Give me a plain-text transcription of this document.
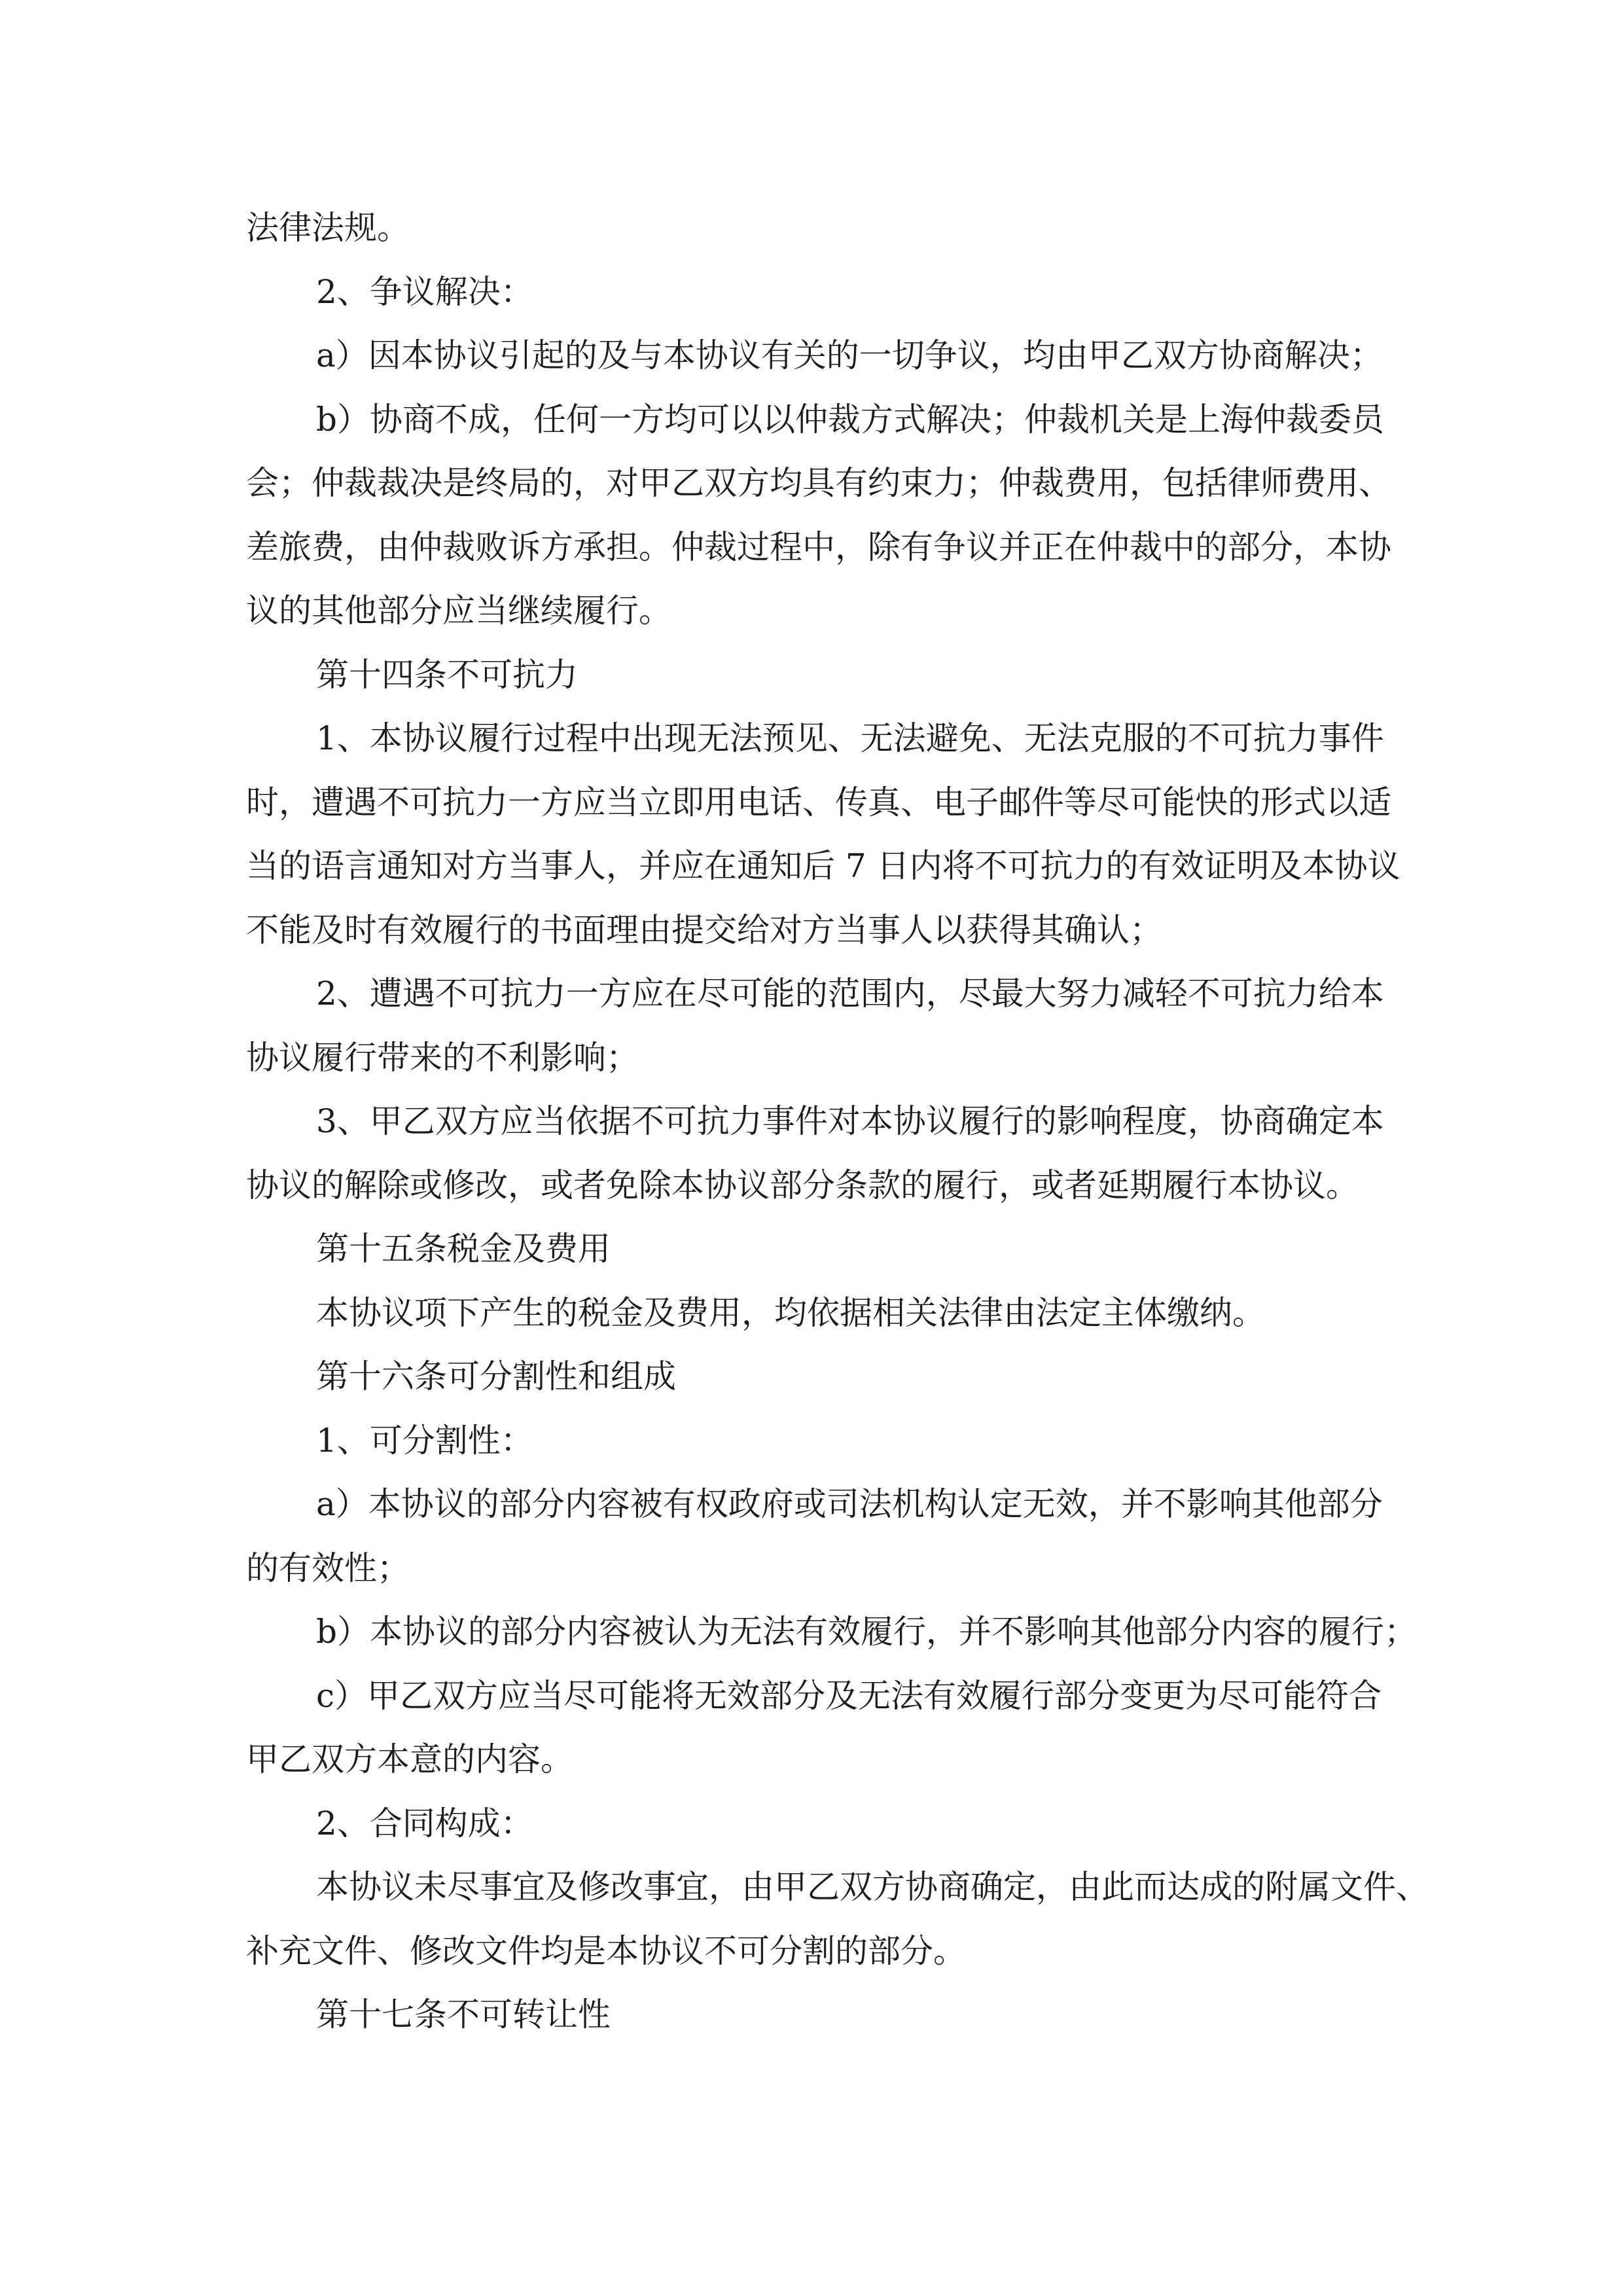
法律法规。

2、争议解决：

a）因本协议引起的及与本协议有关的一切争议，均由甲乙双方协商解决；

b）协商不成，任何一方均可以以仲裁方式解决；仲裁机关是上海仲裁委员

会；仲裁裁决是终局的，对甲乙双方均具有约束力；仲裁费用，包括律师费用、

差旅费，由仲裁败诉方承担。仲裁过程中，除有争议并正在仲裁中的部分，本协

议的其他部分应当继续履行。

第十四条不可抗力

1、本协议履行过程中出现无法预见、无法避免、无法克服的不可抗力事件

时，遭遇不可抗力一方应当立即用电话、传真、电子邮件等尽可能快的形式以适

当的语言通知对方当事人，并应在通知后 7 日内将不可抗力的有效证明及本协议

不能及时有效履行的书面理由提交给对方当事人以获得其确认；

2、遭遇不可抗力一方应在尽可能的范围内，尽最大努力减轻不可抗力给本

协议履行带来的不利影响；

3、甲乙双方应当依据不可抗力事件对本协议履行的影响程度，协商确定本

协议的解除或修改，或者免除本协议部分条款的履行，或者延期履行本协议。

第十五条税金及费用

本协议项下产生的税金及费用，均依据相关法律由法定主体缴纳。

第十六条可分割性和组成

1、可分割性：

a）本协议的部分内容被有权政府或司法机构认定无效，并不影响其他部分

的有效性；

b）本协议的部分内容被认为无法有效履行，并不影响其他部分内容的履行；

c）甲乙双方应当尽可能将无效部分及无法有效履行部分变更为尽可能符合

甲乙双方本意的内容。

2、合同构成：

本协议未尽事宜及修改事宜，由甲乙双方协商确定，由此而达成的附属文件、

补充文件、修改文件均是本协议不可分割的部分。

第十七条不可转让性
